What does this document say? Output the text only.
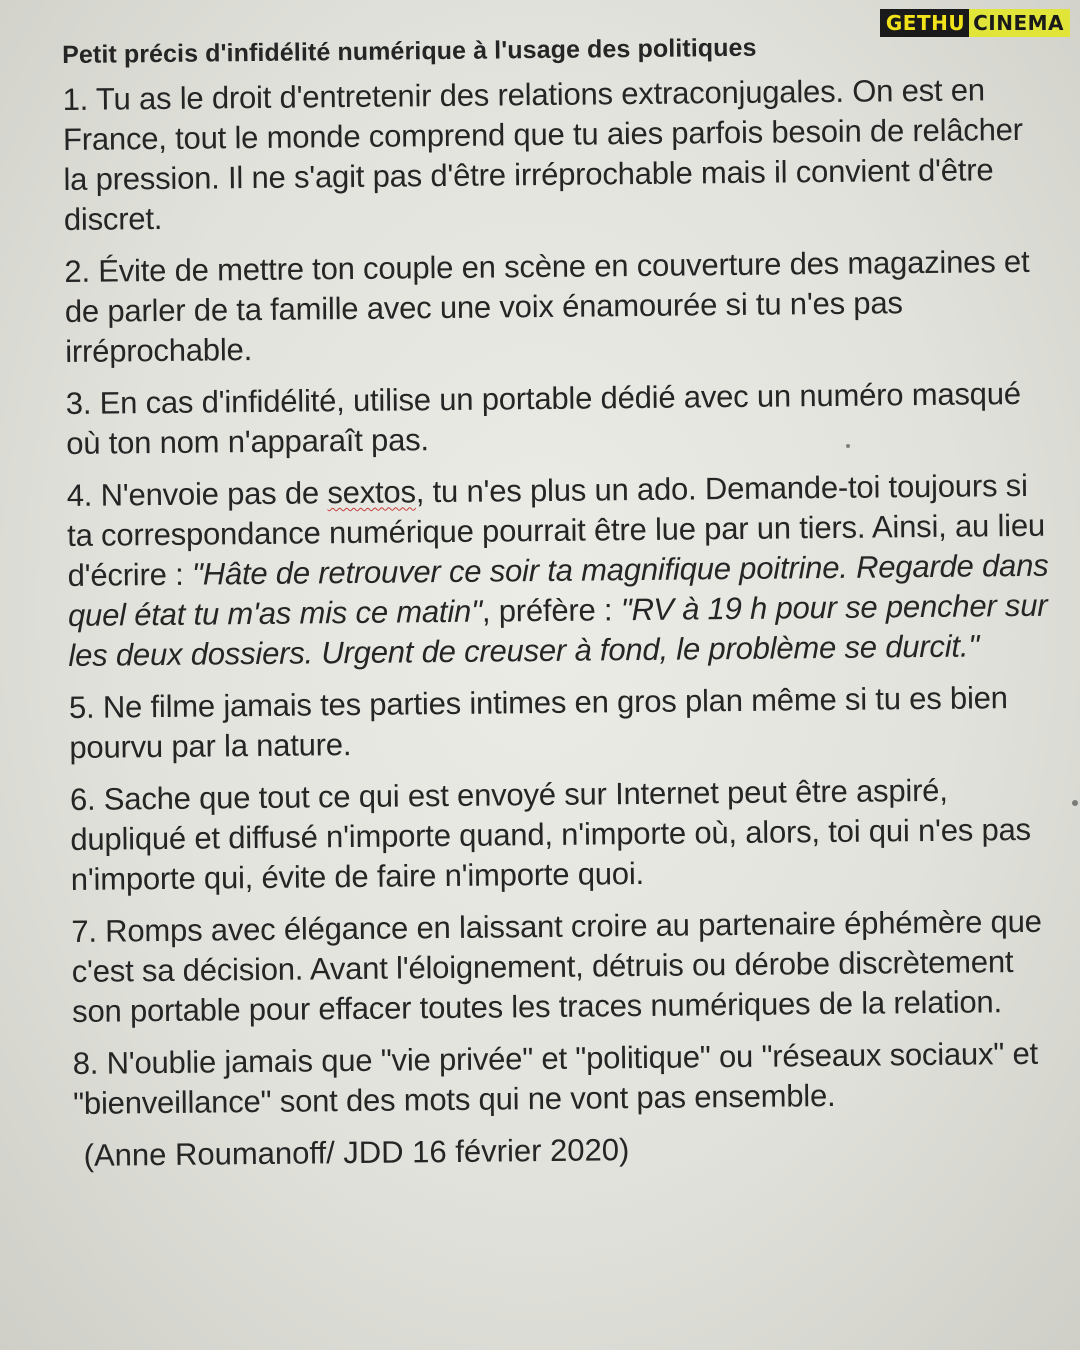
GETHU CINEMA
Petit précis d'infidélité numérique à l'usage des politiques

1. Tu as le droit d'entretenir des relations extraconjugales. On est en France, tout le monde comprend que tu aies parfois besoin de relâcher la pression. Il ne s'agit pas d'être irréprochable mais il convient d'être discret.

2. Évite de mettre ton couple en scène en couverture des magazines et de parler de ta famille avec une voix énamourée si tu n'es pas irréprochable.

3. En cas d'infidélité, utilise un portable dédié avec un numéro masqué où ton nom n'apparaît pas.

4. N'envoie pas de sextos, tu n'es plus un ado. Demande-toi toujours si ta correspondance numérique pourrait être lue par un tiers. Ainsi, au lieu d'écrire : "Hâte de retrouver ce soir ta magnifique poitrine. Regarde dans quel état tu m'as mis ce matin", préfère : "RV à 19 h pour se pencher sur les deux dossiers. Urgent de creuser à fond, le problème se durcit."

5. Ne filme jamais tes parties intimes en gros plan même si tu es bien pourvu par la nature.

6. Sache que tout ce qui est envoyé sur Internet peut être aspiré, dupliqué et diffusé n'importe quand, n'importe où, alors, toi qui n'es pas n'importe qui, évite de faire n'importe quoi.

7. Romps avec élégance en laissant croire au partenaire éphémère que c'est sa décision. Avant l'éloignement, détruis ou dérobe discrètement son portable pour effacer toutes les traces numériques de la relation.

8. N'oublie jamais que "vie privée" et "politique" ou "réseaux sociaux" et "bienveillance" sont des mots qui ne vont pas ensemble.

(Anne Roumanoff/ JDD 16 février 2020)
